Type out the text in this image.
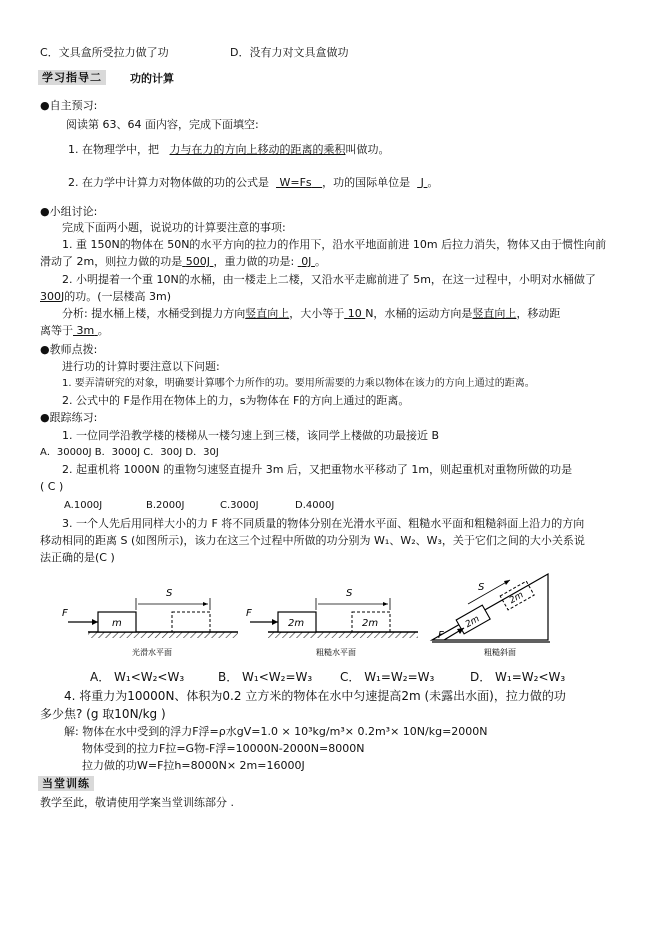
C．文具盒所受拉力做了功	D．没有力对文具盒做功
学习指导二	功的计算
●自主预习:
阅读第 63、64 面内容，完成下面填空:
1. 在物理学中，把 力与在力的方向上移动的距离的乘积叫做功。
2. 在力学中计算力对物体做的功的公式是 W=Fs ，功的国际单位是 J 。
●小组讨论:
完成下面两小题，说说功的计算要注意的事项:
1. 重 150N的物体在 50N的水平方向的拉力的作用下，沿水平地面前进 10m 后拉力消失，物体又由于惯性向前
滑动了 2m，则拉力做的功是 500J ，重力做的功是: 0J 。
2. 小明提着一个重 10N的水桶，由一楼走上二楼，又沿水平走廊前进了 5m，在这一过程中，小明对水桶做了
300J的功。(一层楼高 3m)
分析: 提水桶上楼，水桶受到提力方向竖直向上，大小等于 10 N，水桶的运动方向是竖直向上，移动距
离等于 3m 。
●教师点拨:
进行功的计算时要注意以下问题:
1. 要弄清研究的对象，明确要计算哪个力所作的功。要用所需要的力乘以物体在该力的方向上通过的距离。
2. 公式中的 F是作用在物体上的力，s为物体在 F的方向上通过的距离。
●跟踪练习:
1. 一位同学沿教学楼的楼梯从一楼匀速上到三楼，该同学上楼做的功最接近 B
A．30000J B．3000J C．300J D．30J
2. 起重机将 1000N 的重物匀速竖直提升 3m 后，又把重物水平移动了 1m，则起重机对重物所做的功是
( C )
A.1000J	B.2000J	C.3000J	D.4000J
3. 一个人先后用同样大小的力 F 将不同质量的物体分别在光滑水平面、粗糙水平面和粗糙斜面上沿力的方向
移动相同的距离 S (如图所示)，该力在这三个过程中所做的功分别为 W₁、W₂、W₃，关于它们之间的大小关系说
法正确的是(C )
m
F
S
光滑水平面
2m
F
2m
S
粗糙水平面
2m
2m
F
S
粗糙斜面
A． W₁<W₂<W₃	B． W₁<W₂=W₃ C． W₁=W₂=W₃	D． W₁=W₂<W₃
4. 将重力为10000N、体积为0.2 立方米的物体在水中匀速提高2m (未露出水面)，拉力做的功
多少焦? (g 取10N/kg )
解: 物体在水中受到的浮力F浮=ρ水gV=1.0 × 10³kg/m³× 0.2m³× 10N/kg=2000N
物体受到的拉力F拉=G物-F浮=10000N-2000N=8000N
拉力做的功W=F拉h=8000N× 2m=16000J
当堂训练
教学至此，敬请使用学案当堂训练部分 .
